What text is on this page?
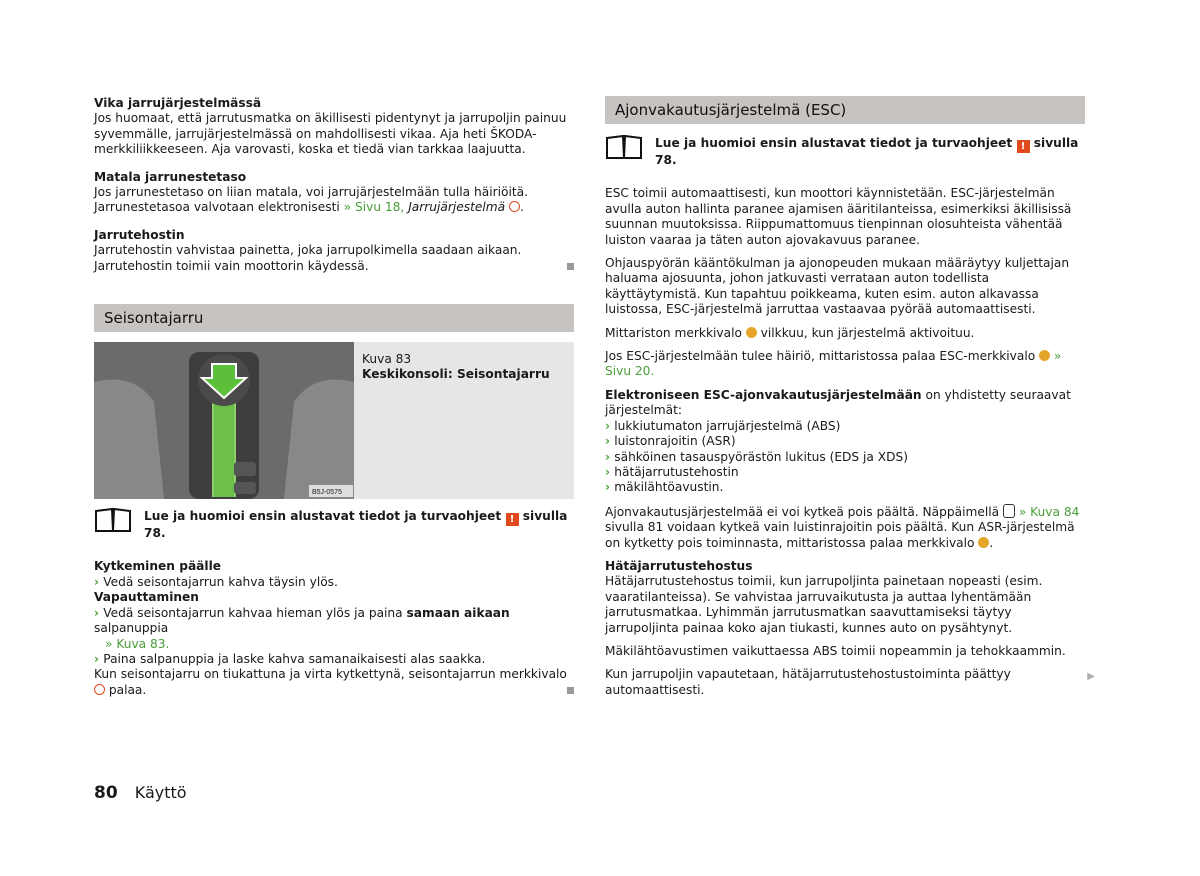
Vika jarrujärjestelmässä

Jos huomaat, että jarrutusmatka on äkillisesti pidentynyt ja jarrupoljin painuu syvemmälle, jarrujärjestelmässä on mahdollisesti vikaa. Aja heti ŠKODA-merkkiliikkeeseen. Aja varovasti, koska et tiedä vian tarkkaa laajuutta.

Matala jarrunestetaso

Jos jarrunestetaso on liian matala, voi jarrujärjestelmään tulla häiriöitä. Jarrunestetasoa valvotaan elektronisesti » Sivu 18, Jarrujärjestelmä .

Jarrutehostin

Jarrutehostin vahvistaa painetta, joka jarrupolkimella saadaan aikaan. Jarrutehostin toimii vain moottorin käydessä.

Seisontajarru
B5J-0575
Kuva 83
Keskikonsoli: Seisontajarru
Lue ja huomioi ensin alustavat tiedot ja turvaohjeet ! sivulla 78.

Kytkeminen päälle

› Vedä seisontajarrun kahva täysin ylös.

Vapauttaminen

› Vedä seisontajarrun kahvaa hieman ylös ja paina samaan aikaan salpanuppia

» Kuva 83.

› Paina salpanuppia ja laske kahva samanaikaisesti alas saakka.

Kun seisontajarru on tiukattuna ja virta kytkettynä, seisontajarrun merkkivalo  palaa.

Ajonvakautusjärjestelmä (ESC)
Lue ja huomioi ensin alustavat tiedot ja turvaohjeet ! sivulla 78.

ESC toimii automaattisesti, kun moottori käynnistetään. ESC-järjestelmän avulla auton hallinta paranee ajamisen ääritilanteissa, esimerkiksi äkillisissä suunnan muutoksissa. Riippumattomuus tienpinnan olosuhteista vähentää luiston vaaraa ja täten auton ajovakavuus paranee.

Ohjauspyörän kääntökulman ja ajonopeuden mukaan määräytyy kuljettajan haluama ajosuunta, johon jatkuvasti verrataan auton todellista käyttäytymistä. Kun tapahtuu poikkeama, kuten esim. auton alkavassa luistossa, ESC-järjestelmä jarruttaa vastaavaa pyörää automaattisesti.

Mittariston merkkivalo vilkkuu, kun järjestelmä aktivoituu.

Jos ESC-järjestelmään tulee häiriö, mittaristossa palaa ESC-merkkivalo » Sivu 20.

Elektroniseen ESC-ajonvakautusjärjestelmään on yhdistetty seuraavat järjestelmät:

› lukkiutumaton jarrujärjestelmä (ABS)

› luistonrajoitin (ASR)

› sähköinen tasauspyörästön lukitus (EDS ja XDS)

› hätäjarrutustehostin

› mäkilähtöavustin.

Ajonvakautusjärjestelmää ei voi kytkeä pois päältä. Näppäimellä » Kuva 84 sivulla 81 voidaan kytkeä vain luistinrajoitin pois päältä. Kun ASR-järjestelmä on kytketty pois toiminnasta, mittaristossa palaa merkkivalo .

Hätäjarrutustehostus

Hätäjarrutustehostus toimii, kun jarrupoljinta painetaan nopeasti (esim. vaaratilanteissa). Se vahvistaa jarruvaikutusta ja auttaa lyhentämään jarrutusmatkaa. Lyhimmän jarrutusmatkan saavuttamiseksi täytyy jarrupoljinta painaa koko ajan tiukasti, kunnes auto on pysähtynyt.

Mäkilähtöavustimen vaikuttaessa ABS toimii nopeammin ja tehokkaammin.

Kun jarrupoljin vapautetaan, hätäjarrutustehostustoiminta päättyy automaattisesti.

▶
80 Käyttö
